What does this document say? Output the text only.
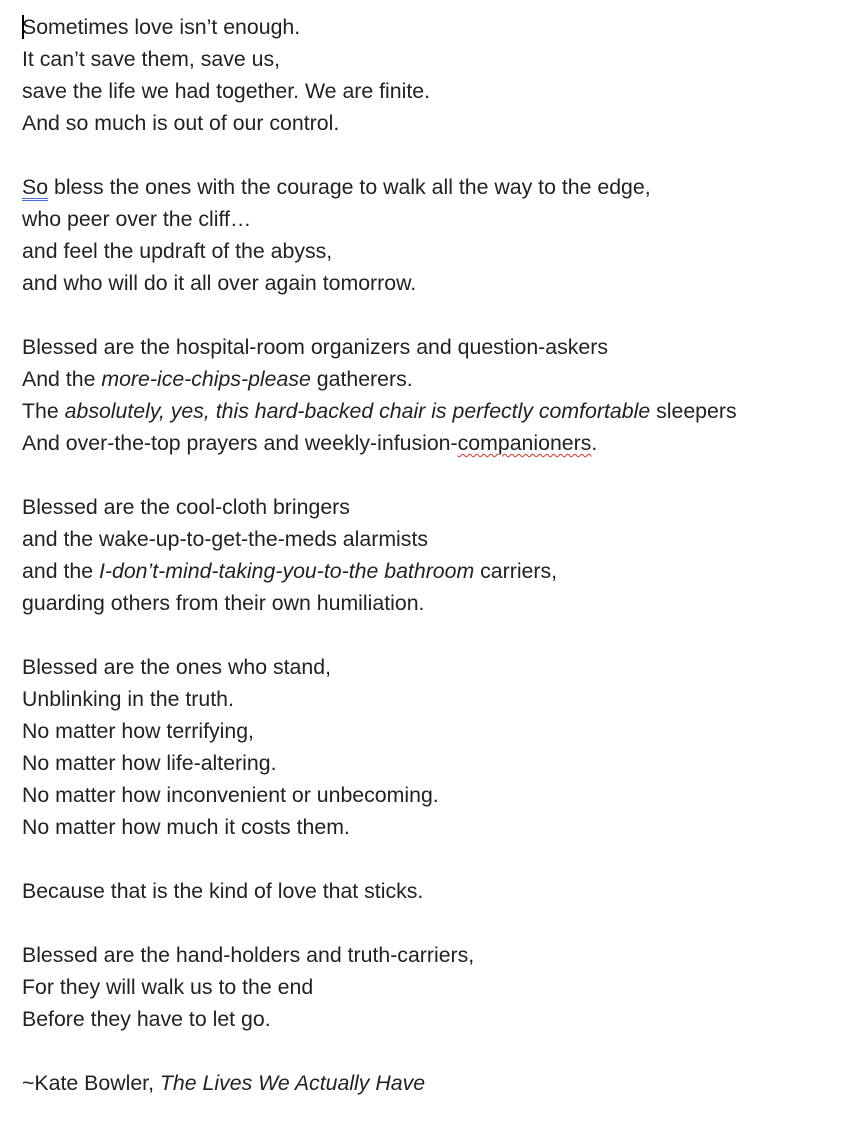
Sometimes love isn’t enough.
It can’t save them, save us,
save the life we had together. We are finite.
And so much is out of our control.
So bless the ones with the courage to walk all the way to the edge,
who peer over the cliff…
and feel the updraft of the abyss,
and who will do it all over again tomorrow.
Blessed are the hospital-room organizers and question-askers
And the more-ice-chips-please gatherers.
The absolutely, yes, this hard-backed chair is perfectly comfortable sleepers
And over-the-top prayers and weekly-infusion-companioners.
Blessed are the cool-cloth bringers
and the wake-up-to-get-the-meds alarmists
and the I-don’t-mind-taking-you-to-the bathroom carriers,
guarding others from their own humiliation.
Blessed are the ones who stand,
Unblinking in the truth.
No matter how terrifying,
No matter how life-altering.
No matter how inconvenient or unbecoming.
No matter how much it costs them.
Because that is the kind of love that sticks.
Blessed are the hand-holders and truth-carriers,
For they will walk us to the end
Before they have to let go.
~Kate Bowler, The Lives We Actually Have
